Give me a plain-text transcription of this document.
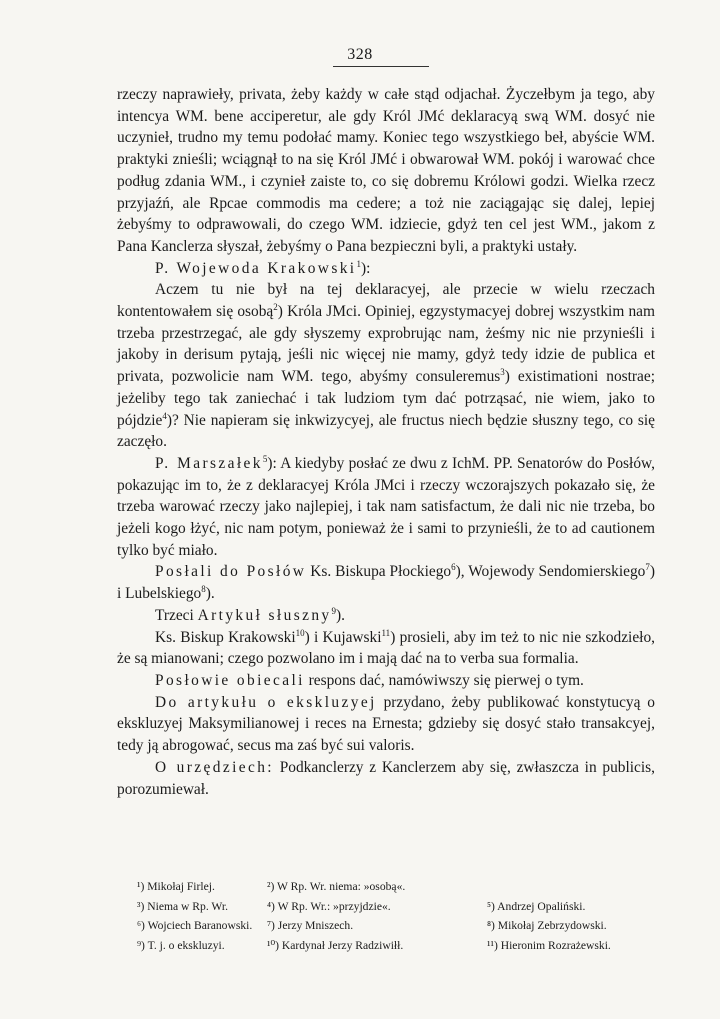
328

rzeczy naprawieły, privata, żeby każdy w całe stąd odjachał. Życzełbym ja tego, aby intencya WM. bene acciperetur, ale gdy Król JMć deklaracyą swą WM. dosyć nie uczynieł, trudno my temu podołać mamy. Koniec tego wszystkiego beł, abyście WM. praktyki znieśli; wciągnął to na się Król JMć i obwarował WM. pokój i warować chce podług zdania WM., i czynieł zaiste to, co się dobremu Królowi godzi. Wielka rzecz przyjaźń, ale Rpcae commodis ma cedere; a toż nie zaciągając się dalej, lepiej żebyśmy to odprawowali, do czego WM. idziecie, gdyż ten cel jest WM., jakom z Pana Kanclerza słyszał, żebyśmy o Pana bezpieczni byli, a praktyki ustały.

P. Wojewoda Krakowski$^1$):

Aczem tu nie był na tej deklaracyej, ale przecie w wielu rzeczach kontentowałem się osobą$^2$) Króla JMci. Opiniej, egzystymacyej dobrej wszystkim nam trzeba przestrzegać, ale gdy słyszemy exprobrując nam, żeśmy nic nie przynieśli i jakoby in derisum pytają, jeśli nic więcej nie mamy, gdyż tedy idzie de publica et privata, pozwolicie nam WM. tego, abyśmy consuleremus$^3$) existimationi nostrae; jeżeliby tego tak zaniechać i tak ludziom tym dać potrząsać, nie wiem, jako to pójdzie$^4$)? Nie napieram się inkwizycyej, ale fructus niech będzie słuszny tego, co się zaczęło.

P. Marszałek$^5$): A kiedyby posłać ze dwu z IchM. PP. Senatorów do Posłów, pokazując im to, że z deklaracyej Króla JMci i rzeczy wczorajszych pokazało się, że trzeba warować rzeczy jako najlepiej, i tak nam satisfactum, że dali nic nie trzeba, bo jeżeli kogo łżyć, nic nam potym, ponieważ że i sami to przynieśli, że to ad cautionem tylko być miało.

Posłali do Posłów Ks. Biskupa Płockiego$^6$), Wojewody Sendomierskiego$^7$) i Lubelskiego$^8$).

Trzeci Artykuł słuszny$^9$).

Ks. Biskup Krakowski$^{10}$) i Kujawski$^{11}$) prosieli, aby im też to nic nie szkodzieło, że są mianowani; czego pozwolano im i mają dać na to verba sua formalia.

Posłowie obiecali respons dać, namówiwszy się pierwej o tym.

Do artykułu o ekskluzyej przydano, żeby publikować konstytucyą o ekskluzyej Maksymilianowej i reces na Ernesta; gdzieby się dosyć stało transakcyej, tedy ją abrogować, secus ma zaś być sui valoris.

O urzędziech: Podkanclerzy z Kanclerzem aby się, zwłaszcza in publicis, porozumiewał.

¹) Mikołaj Firlej.	²) W Rp. Wr. niema: »osobą«.
³) Niema w Rp. Wr.	⁴) W Rp. Wr.: »przyjdzie«.	⁵) Andrzej Opaliński.
⁶) Wojciech Baranowski.	⁷) Jerzy Mniszech.	⁸) Mikołaj Zebrzydowski.
⁹) T. j. o ekskluzyi.	¹⁰) Kardynał Jerzy Radziwiłł.	¹¹) Hieronim Rozrażewski.
